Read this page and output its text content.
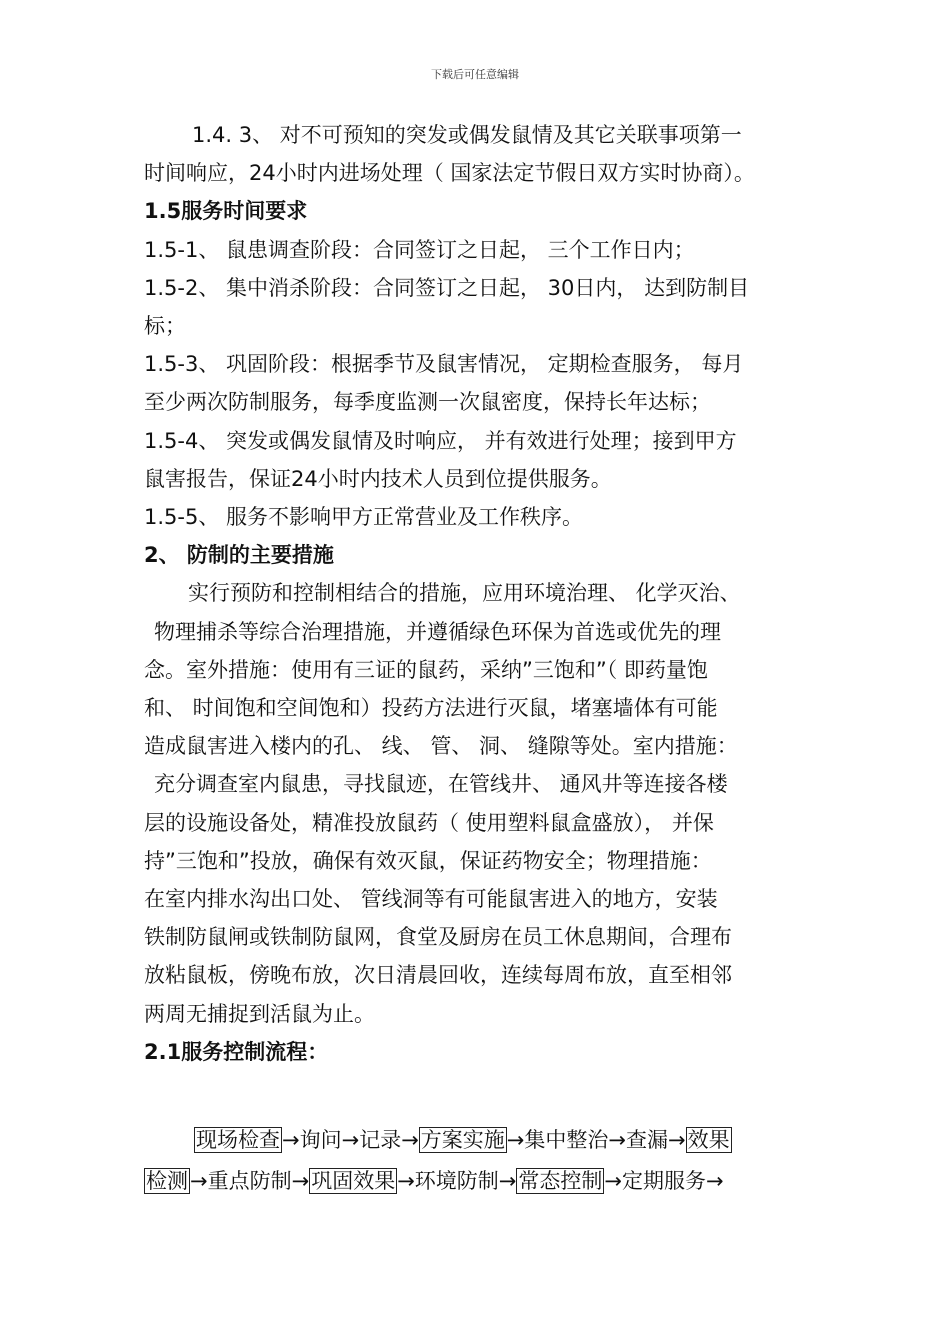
下载后可任意编辑
1.4. 3、 对不可预知的突发或偶发鼠情及其它关联事项第一
时间响应，24小时内进场处理（ 国家法定节假日双方实时协商）。
1.5服务时间要求
1.5-1、 鼠患调查阶段：合同签订之日起， 三个工作日内；
1.5-2、 集中消杀阶段：合同签订之日起， 30日内， 达到防制目
标；
1.5-3、 巩固阶段：根据季节及鼠害情况， 定期检查服务， 每月
至少两次防制服务，每季度监测一次鼠密度，保持长年达标；
1.5-4、 突发或偶发鼠情及时响应， 并有效进行处理；接到甲方
鼠害报告，保证24小时内技术人员到位提供服务。
1.5-5、 服务不影响甲方正常营业及工作秩序。
2、 防制的主要措施
实行预防和控制相结合的措施，应用环境治理、 化学灭治、
物理捕杀等综合治理措施，并遵循绿色环保为首选或优先的理
念。室外措施：使用有三证的鼠药，采纳”三饱和”（ 即药量饱
和、 时间饱和空间饱和）投药方法进行灭鼠，堵塞墙体有可能
造成鼠害进入楼内的孔、 线、 管、 洞、 缝隙等处。室内措施：
充分调查室内鼠患，寻找鼠迹，在管线井、 通风井等连接各楼
层的设施设备处，精准投放鼠药（ 使用塑料鼠盒盛放）， 并保
持”三饱和”投放，确保有效灭鼠，保证药物安全；物理措施：
在室内排水沟出口处、 管线洞等有可能鼠害进入的地方，安装
铁制防鼠闸或铁制防鼠网，食堂及厨房在员工休息期间，合理布
放粘鼠板，傍晚布放，次日清晨回收，连续每周布放，直至相邻
两周无捕捉到活鼠为止。
2.1服务控制流程：
现场检查→询问→记录→方案实施→集中整治→查漏→效果
检测→重点防制→巩固效果→环境防制→常态控制→定期服务→
